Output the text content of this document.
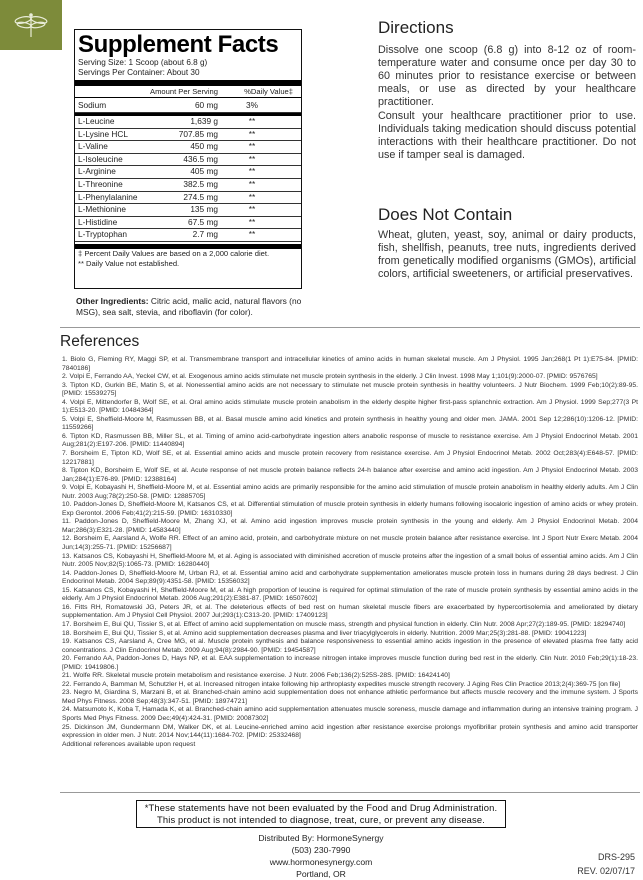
Supplement Facts
Serving Size: 1 Scoop (about 6.8 g)
Servings Per Container: About 30
Amount Per Serving	%Daily Value‡
Sodium	60 mg	3%
L-Leucine	1,639 g	**
L-Lysine HCL	707.85 mg	**
L-Valine	450 mg	**
L-Isoleucine	436.5 mg	**
L-Arginine	405 mg	**
L-Threonine	382.5 mg	**
L-Phenylalanine	274.5 mg	**
L-Methionine	135 mg	**
L-Histidine	67.5 mg	**
L-Tryptophan	2.7 mg	**
‡ Percent Daily Values are based on a 2,000 calorie diet.
** Daily Value not established.
Other Ingredients: Citric acid, malic acid, natural flavors (no MSG), sea salt, stevia, and riboflavin (for color).
Directions
Dissolve one scoop (6.8 g) into 8-12 oz of room-temperature water and consume once per day 30 to 60 minutes prior to resistance exercise or between meals, or use as directed by your healthcare practitioner.
Consult your healthcare practitioner prior to use. Individuals taking medication should discuss potential interactions with their healthcare practitioner. Do not use if tamper seal is damaged.
Does Not Contain
Wheat, gluten, yeast, soy, animal or dairy products, fish, shellfish, peanuts, tree nuts, ingredients derived from genetically modified organisms (GMOs), artificial colors, artificial sweeteners, or artificial preservatives.
References

1. Biolo G, Fleming RY, Maggi SP, et al. Transmembrane transport and intracellular kinetics of amino acids in human skeletal muscle. Am J Physiol. 1995 Jan;268(1 Pt 1):E75-84. [PMID: 7840186]

2. Volpi E, Ferrando AA, Yeckel CW, et al. Exogenous amino acids stimulate net muscle protein synthesis in the elderly. J Clin Invest. 1998 May 1;101(9):2000-07. [PMID: 9576765]

3. Tipton KD, Gurkin BE, Matin S, et al. Nonessential amino acids are not necessary to stimulate net muscle protein synthesis in healthy volunteers. J Nutr Biochem. 1999 Feb;10(2):89-95. [PMID: 15539275]

4. Volpi E, Mittendorfer B, Wolf SE, et al. Oral amino acids stimulate muscle protein anabolism in the elderly despite higher first-pass splanchnic extraction. Am J Physiol. 1999 Sep;277(3 Pt 1):E513-20. [PMID: 10484364]

5. Volpi E, Sheffield-Moore M, Rasmussen BB, et al. Basal muscle amino acid kinetics and protein synthesis in healthy young and older men. JAMA. 2001 Sep 12;286(10):1206-12. [PMID: 11559266]

6. Tipton KD, Rasmussen BB, Miller SL, et al. Timing of amino acid-carbohydrate ingestion alters anabolic response of muscle to resistance exercise. Am J Physiol Endocrinol Metab. 2001 Aug;281(2):E197-206. [PMID: 11440894]

7. Borsheim E, Tipton KD, Wolf SE, et al. Essential amino acids and muscle protein recovery from resistance exercise. Am J Physiol Endocrinol Metab. 2002 Oct;283(4):E648-57. [PMID: 12217881]

8. Tipton KD, Borsheim E, Wolf SE, et al. Acute response of net muscle protein balance reflects 24-h balance after exercise and amino acid ingestion. Am J Physiol Endocrinol Metab. 2003 Jan;284(1):E76-89. [PMID: 12388164]

9. Volpi E, Kobayashi H, Sheffield-Moore M, et al. Essential amino acids are primarily responsible for the amino acid stimulation of muscle protein anabolism in healthy elderly adults. Am J Clin Nutr. 2003 Aug;78(2):250-58. [PMID: 12885705]

10. Paddon-Jones D, Sheffield-Moore M, Katsanos CS, et al. Differential stimulation of muscle protein synthesis in elderly humans following isocaloric ingestion of amino acids or whey protein. Exp Gerontol. 2006 Feb;41(2):215-59. [PMID: 16310330]

11. Paddon-Jones D, Sheffield-Moore M, Zhang XJ, et al. Amino acid ingestion improves muscle protein synthesis in the young and elderly. Am J Physiol Endocrinol Metab. 2004 Mar;286(3):E321-28. [PMID: 14583440]

12. Borsheim E, Aarsland A, Wolfe RR. Effect of an amino acid, protein, and carbohydrate mixture on net muscle protein balance after resistance exercise. Int J Sport Nutr Exerc Metab. 2004 Jun;14(3):255-71. [PMID: 15256687]

13. Katsanos CS, Kobayashi H, Sheffield-Moore M, et al. Aging is associated with diminished accretion of muscle proteins after the ingestion of a small bolus of essential amino acids. Am J Clin Nutr. 2005 Nov;82(5):1065-73. [PMID: 16280440]

14. Paddon-Jones D, Sheffield-Moore M, Urban RJ, et al. Essential amino acid and carbohydrate supplementation ameliorates muscle protein loss in humans during 28 days bedrest. J Clin Endocrinol Metab. 2004 Sep;89(9):4351-58. [PMID: 15356032]

15. Katsanos CS, Kobayashi H, Sheffield-Moore M, et al. A high proportion of leucine is required for optimal stimulation of the rate of muscle protein synthesis by essential amino acids in the elderly. Am J Physiol Endocrinol Metab. 2006 Aug;291(2):E381-87. [PMID: 16507602]

16. Fitts RH, Romatowski JG, Peters JR, et al. The deleterious effects of bed rest on human skeletal muscle fibers are exacerbated by hypercortisolemia and ameliorated by dietary supplementation. Am J Physiol Cell Physiol. 2007 Jul;293(1):C313-20. [PMID: 17409123]

17. Borsheim E, Bui QU, Tissier S, et al. Effect of amino acid supplementation on muscle mass, strength and physical function in elderly. Clin Nutr. 2008 Apr;27(2):189-95. [PMID: 18294740]

18. Borsheim E, Bui QU, Tissier S, et al. Amino acid supplementation decreases plasma and liver triacylglycerols in elderly. Nutrition. 2009 Mar;25(3):281-88. [PMID: 19041223]

19. Katsanos CS, Aarsland A, Cree MG, et al. Muscle protein synthesis and balance responsiveness to essential amino acids ingestion in the presence of elevated plasma free fatty acid concentrations. J Clin Endocrinol Metab. 2009 Aug;94(8):2984-90. [PMID: 19454587]

20. Ferrando AA, Paddon-Jones D, Hays NP, et al. EAA supplementation to increase nitrogen intake improves muscle function during bed rest in the elderly. Clin Nutr. 2010 Feb;29(1):18-23. [PMID: 19419806.]

21. Wolfe RR. Skeletal muscle protein metabolism and resistance exercise. J Nutr. 2006 Feb;136(2):525S-28S. [PMID: 16424140]

22. Ferrando A, Bamman M, Schutzler H, et al. Increased nitrogen intake following hip arthroplasty expedites muscle strength recovery. J Aging Res Clin Practice 2013;2(4):369-75 [on file]

23. Negro M, Giardina S, Marzani B, et al. Branched-chain amino acid supplementation does not enhance athletic performance but affects muscle recovery and the immune system. J Sports Med Phys Fitness. 2008 Sep;48(3):347-51. [PMID: 18974721]

24. Matsumoto K, Koba T, Hamada K, et al. Branched-chain amino acid supplementation attenuates muscle soreness, muscle damage and inflammation during an intensive training program. J Sports Med Phys Fitness. 2009 Dec;49(4):424-31. [PMID: 20087302]

25. Dickinson JM, Gundermann DM, Walker DK, et al. Leucine-enriched amino acid ingestion after resistance exercise prolongs myofibrillar protein synthesis and amino acid transporter expression in older men. J Nutr. 2014 Nov;144(11):1684-702. [PMID: 25332468]

Additional references available upon request

*These statements have not been evaluated by the Food and Drug Administration.
This product is not intended to diagnose, treat, cure, or prevent any disease.
Distributed By: HormoneSynergy
(503) 230-7990
www.hormonesynergy.com
Portland, OR
DRS-295
REV. 02/07/17
